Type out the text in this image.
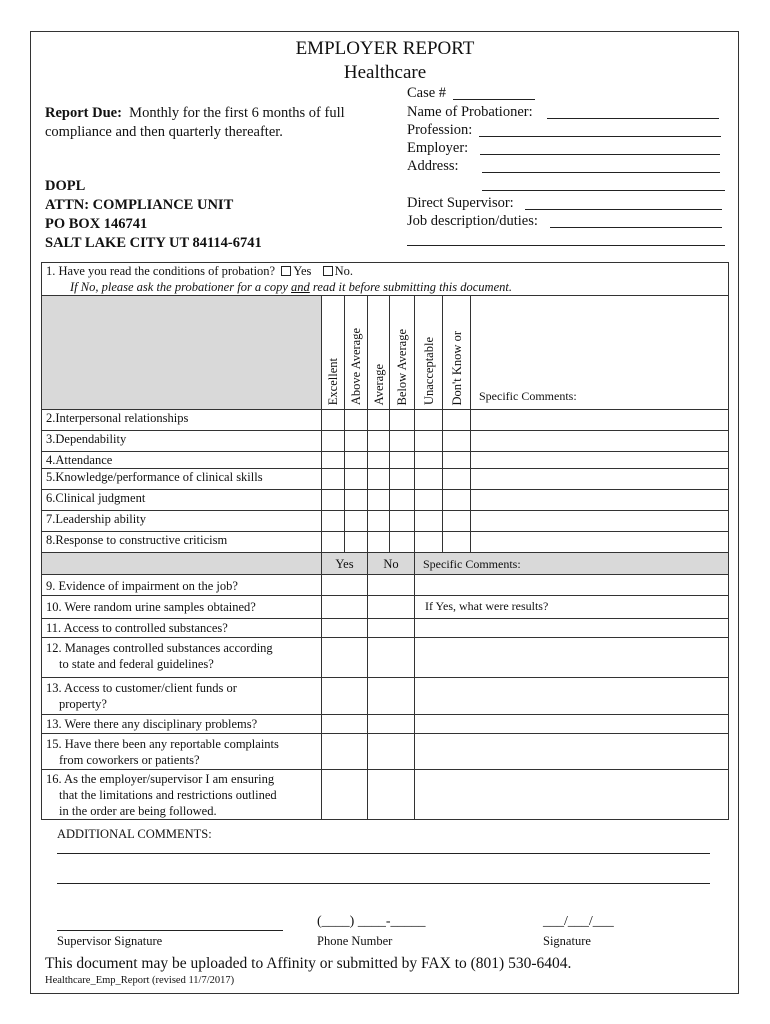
EMPLOYER REPORT
Healthcare
Report Due: Monthly for the first 6 months of full
compliance and then quarterly thereafter.
DOPL
ATTN: COMPLIANCE UNIT
PO BOX 146741
SALT LAKE CITY UT 84114-6741
Case #
Name of Probationer:
Profession:
Employer:
Address:
Direct Supervisor:
Job description/duties:
1. Have you read the conditions of probation? Yes No.
If No, please ask the probationer for a copy and read it before submitting this document.							
	Excellent	Above Average	Average	Below Average	Unacceptable	Don't Know or	Specific Comments:
2.Interpersonal relationships							
3.Dependability							
4.Attendance							
5.Knowledge/performance of clinical skills							
6.Clinical judgment							
7.Leadership ability							
8.Response to constructive criticism							
	Yes		No		Specific Comments:		
9. Evidence of impairment on the job?							
10. Were random urine samples obtained?					If Yes, what were results?		
11. Access to controlled substances?							
12. Manages controlled substances according
to state and federal guidelines?							
13. Access to customer/client funds or
property?							
13. Were there any disciplinary problems?							
15. Have there been any reportable complaints
from coworkers or patients?							
16. As the employer/supervisor I am ensuring
that the limitations and restrictions outlined
in the order are being followed.							
ADDITIONAL COMMENTS:
Supervisor Signature
(____) ____-_____
Phone Number
___/___/___
Signature
This document may be uploaded to Affinity or submitted by FAX to (801) 530-6404.
Healthcare_Emp_Report (revised 11/7/2017)
